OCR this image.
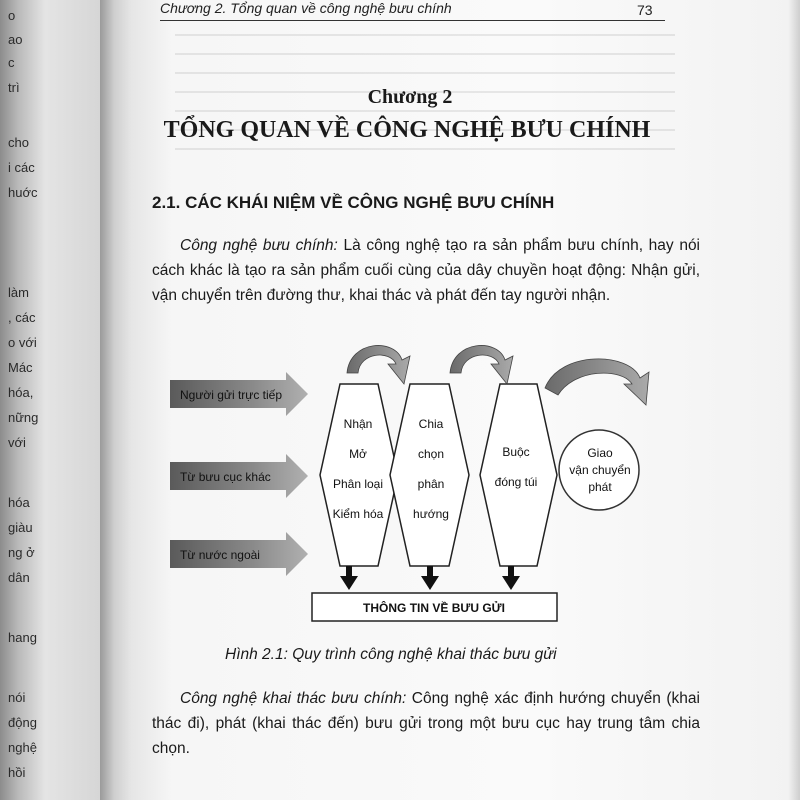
o
ao
c
trì
cho
i các
huớc
làm
, các
o với
Mác
hóa,
nững
với
hóa
giàu
ng ở
dân
hang
nói
động
nghệ
hồi
Chương 2. Tổng quan về công nghệ bưu chính	73
Chương 2
TỔNG QUAN VỀ CÔNG NGHỆ BƯU CHÍNH
2.1. CÁC KHÁI NIỆM VỀ CÔNG NGHỆ BƯU CHÍNH
Công nghệ bưu chính: Là công nghệ tạo ra sản phẩm bưu chính, hay nói cách khác là tạo ra sản phẩm cuối cùng của dây chuyền hoạt động: Nhận gửi, vận chuyển trên đường thư, khai thác và phát đến tay người nhận.
Người gửi trực tiếp
Từ bưu cục khác
Từ nước ngoài
Nhận
Mở
Phân loại
Kiểm hóa
Chia
chọn
phân
hướng
Buộc
đóng túi
Giao
vận chuyển
phát
THÔNG TIN VỀ BƯU GỬI
Hình 2.1: Quy trình công nghệ khai thác bưu gửi
Công nghệ khai thác bưu chính: Công nghệ xác định hướng chuyển (khai thác đi), phát (khai thác đến) bưu gửi trong một bưu cục hay trung tâm chia chọn.
